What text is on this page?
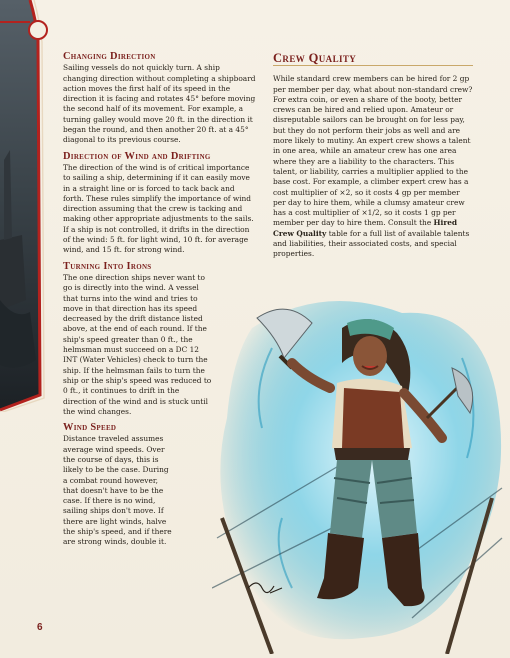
Changing Direction

Sailing vessels do not quickly turn. A ship changing direction without completing a shipboard action moves the first half of its speed in the direction it is facing and rotates 45° before moving the second half of its movement. For example, a turning galley would move 20 ft. in the direction it began the round, and then another 20 ft. at a 45° diagonal to its previous course.

Direction of Wind and Drifting

The direction of the wind is of critical importance to sailing a ship, determining if it can easily move in a straight line or is forced to tack back and forth. These rules simplify the importance of wind direction assuming that the crew is tacking and making other appropriate adjustments to the sails. If a ship is not controlled, it drifts in the direction of the wind: 5 ft. for light wind, 10 ft. for average wind, and 15 ft. for strong wind.

Turning Into Irons

The one direction ships never want to go is directly into the wind. A vessel that turns into the wind and tries to move in that direction has its speed decreased by the drift distance listed above, at the end of each round. If the ship's speed greater than 0 ft., the helmsman must succeed on a DC 12 INT (Water Vehicles) check to turn the ship. If the helmsman fails to turn the ship or the ship's speed was reduced to 0 ft., it continues to drift in the direction of the wind and is stuck until the wind changes.

Wind Speed

Distance traveled assumes average wind speeds. Over the course of days, this is likely to be the case. During a combat round however, that doesn't have to be the case. If there is no wind, sailing ships don't move. If there are light winds, halve the ship's speed, and if there are strong winds, double it.

Crew Quality

While standard crew members can be hired for 2 gp per member per day, what about non-standard crew? For extra coin, or even a share of the booty, better crews can be hired and relied upon. Amateur or disreputable sailors can be brought on for less pay, but they do not perform their jobs as well and are more likely to mutiny. An expert crew shows a talent in one area, while an amateur crew has one area where they are a liability to the characters. This talent, or liability, carries a multiplier applied to the base cost. For example, a climber expert crew has a cost multiplier of ×2, so it costs 4 gp per member per day to hire them, while a clumsy amateur crew has a cost multiplier of ×1/2, so it costs 1 gp per member per day to hire them. Consult the Hired Crew Quality table for a full list of available talents and liabilities, their associated costs, and special properties.

6
